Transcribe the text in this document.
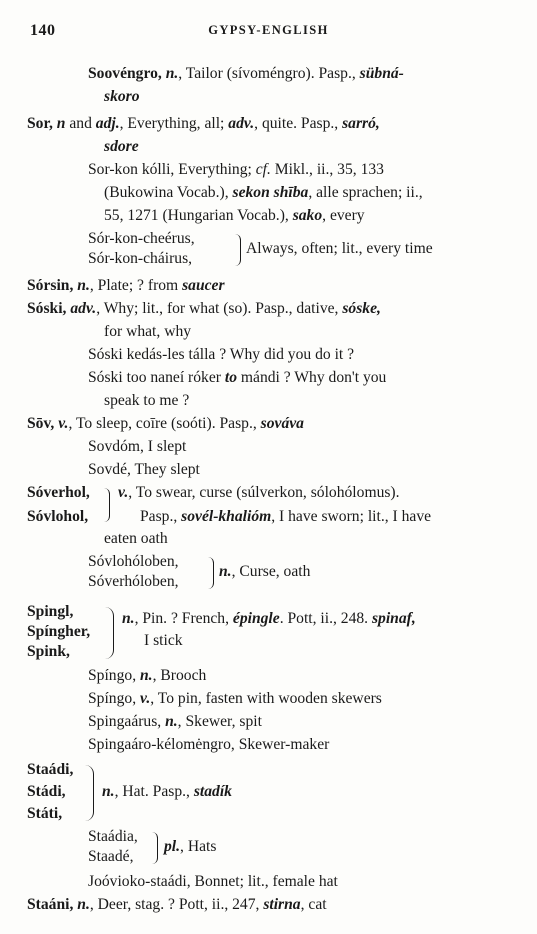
140	GYPSY-ENGLISH
Soovéngro, n., Tailor (sívoméngro). Pasp., sübná-
skoro
Sor, n and adj., Everything, all; adv., quite. Pasp., sarró,
sdore
Sor-kon kólli, Everything; cf. Mikl., ii., 35, 133
(Bukowina Vocab.), sekon shība, alle sprachen; ii.,
55, 1271 (Hungarian Vocab.), sako, every
Sór-kon-cheérus,
Sór-kon-cháirus,
Always, often; lit., every time
Sórsin, n., Plate; ? from saucer
Sóski, adv., Why; lit., for what (so). Pasp., dative, sóske,
for what, why
Sóski kedás-les tálla ? Why did you do it ?
Sóski too naneí róker to mándi ? Why don't you
speak to me ?
Sōv, v., To sleep, coīre (soóti). Pasp., sováva
Sovdóm, I slept
Sovdé, They slept
Sóverhol,
Sóvlohol,
v., To swear, curse (súlverkon, sólohólomus).
Pasp., sovél-khalióm, I have sworn; lit., I have
eaten oath
Sóvlohóloben,
Sóverhóloben,
n., Curse, oath
Spingl,
Spíngher,
Spink,
n., Pin. ? French, épingle. Pott, ii., 248. spinaf,
I stick
Spíngo, n., Brooch
Spíngo, v., To pin, fasten with wooden skewers
Spingaárus, n., Skewer, spit
Spingaáro-kélomėngro, Skewer-maker
Staádi,
Stádi,
Státi,
n., Hat. Pasp., stadík
Staádia,
Staadé,
pl., Hats
Joóvioko-staádi, Bonnet; lit., female hat
Staáni, n., Deer, stag. ? Pott, ii., 247, stirna, cat
